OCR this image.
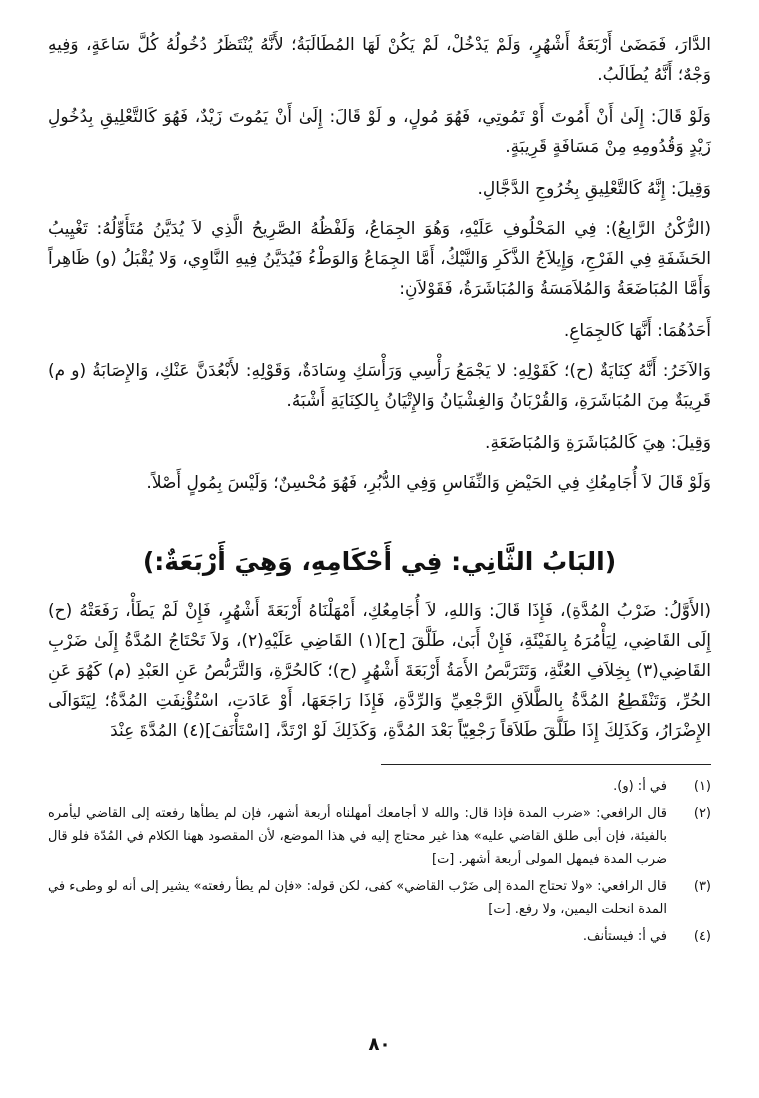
الدَّارَ، فَمَضَىٰ أَرْبَعَةُ أَشْهُرٍ، وَلَمْ يَدْخُلْ، لَمْ يَكُنْ لَهَا المُطَالَبَةُ؛ لأَنَّهُ يُنْتَظَرُ دُخُولُهُ كُلَّ سَاعَةٍ، وَفِيهِ وَجْهٌ؛ أَنَّهُ يُطَالَبُ.

وَلَوْ قَالَ: إِلَىٰ أَنْ أَمُوتَ أَوْ تَمُوتِي، فَهُوَ مُولٍ، و لَوْ قَالَ: إِلَىٰ أَنْ يَمُوتَ زَيْدٌ، فَهُوَ كَالتَّعْلِيقِ بِدُخُولِ زَيْدٍ وَقُدُومِهِ مِنْ مَسَافَةٍ قَرِيبَةٍ.

وَقِيلَ: إِنَّهُ كَالتَّعْلِيقِ بِخُرُوجِ الدَّجَّالِ.

(الرُّكْنُ الرَّابِعُ): فِي المَحْلُوفِ عَلَيْهِ، وَهُوَ الجِمَاعُ، وَلَفْظُهُ الصَّرِيحُ الَّذِي لاَ يُدَيَّنُ مُتَأَوِّلُهُ: تَغْيِيبُ الحَشَفَةِ فِي الفَرْجِ، وَإِيلاَجُ الذَّكَرِ وَالنَّيْكُ، أَمَّا الجِمَاعُ وَالوَطْءُ فَيُدَيَّنُ فِيهِ النَّاوِي، وَلا يُقْبَلُ (و) ظَاهِراً وَأَمَّا المُبَاضَعَةُ وَالمُلاَمَسَةُ وَالمُبَاشَرَةُ، فَقَوْلاَنِ:

أَحَدُهُمَا: أَنَّهَا كَالجِمَاعِ.

وَالآخَرُ: أَنَّهُ كِنَايَةٌ (ح)؛ كَقَوْلِهِ: لا يَجْمَعُ رَأْسِي وَرَأْسَكِ وِسَادَةٌ، وَقَوْلِهِ: لأَبْعُدَنَّ عَنْكِ، وَالإِصَابَةُ (و م) قَرِيبَةٌ مِنَ المُبَاشَرَةِ، وَالقُرْبَانُ وَالغِشْيَانُ وَالإِتْيَانُ بِالكِنَايَةِ أَشْبَهُ.

وَقِيلَ: هِيَ كَالمُبَاشَرَةِ وَالمُبَاضَعَةِ.

وَلَوْ قَالَ لاَ أُجَامِعُكِ فِي الحَيْضِ وَالنِّفَاسِ وَفِي الدُّبُرِ، فَهُوَ مُحْسِنٌ؛ وَلَيْسَ بِمُولٍ أَصْلاً.

(البَابُ الثَّانِي: فِي أَحْكَامِهِ، وَهِيَ أَرْبَعَةٌ:)

(الأَوَّلُ: ضَرْبُ المُدَّةِ)، فَإِذَا قَالَ: وَاللهِ، لاَ أُجَامِعُكِ، أَمْهَلْنَاهُ أَرْبَعَةَ أَشْهُرٍ، فَإِنْ لَمْ يَطَأْ، رَفَعَتْهُ (ح) إِلَى القَاضِي، لِيَأْمُرَهُ بِالفَيْئَةِ، فَإِنْ أَبَىٰ، طَلَّقَ [ح](١) القَاضِي عَلَيْهِ(٢)، وَلاَ تَحْتَاجُ المُدَّةُ إِلَىٰ ضَرْبِ القَاضِي(٣) بِخِلاَفِ العُنَّةِ، وَتَتَرَبَّصُ الأَمَةُ أَرْبَعَةَ أَشْهُرٍ (ح)؛ كَالحُرَّةِ، وَالتَّرَبُّصُ عَنِ العَبْدِ (م) كَهُوَ عَنِ الحُرِّ، وَتَنْقَطِعُ المُدَّةُ بِالطَّلاَقِ الرَّجْعِيِّ وَالرِّدَّةِ، فَإِذَا رَاجَعَهَا، أَوْ عَادَتِ، اسْتُؤْنِفَتِ المُدَّةُ؛ لِيَتَوَالَى الإِضْرَارُ، وَكَذَلِكَ إِذَا طَلَّقَ طَلاَقاً رَجْعِيّاً بَعْدَ المُدَّةِ، وَكَذَلِكَ لَوْ ارْتَدَّ، [اسْتَأْنَفَ](٤) المُدَّةَ عِنْدَ

(١)
في أ: (و).
(٢)
قال الرافعي: «ضرب المدة فإذا قال: والله لا أجامعك أمهلناه أربعة أشهر، فإن لم يطأها رفعته إلى القاضي ليأمره بالفيئة، فإن أبى طلق القاضي عليه» هذا غير محتاج إليه في هذا الموضع، لأن المقصود ههنا الكلام في المُدّة فلو قال ضرب المدة فيمهل المولى أربعة أشهر. [ت]
(٣)
قال الرافعي: «ولا تحتاج المدة إلى ضَرْب القاضي» كفى، لكن قوله: «فإن لم يطأ رفعته» يشير إلى أنه لو وطىء في المدة انحلت اليمين، ولا رفع. [ت]
(٤)
في أ: فيستأنف.
٨٠
